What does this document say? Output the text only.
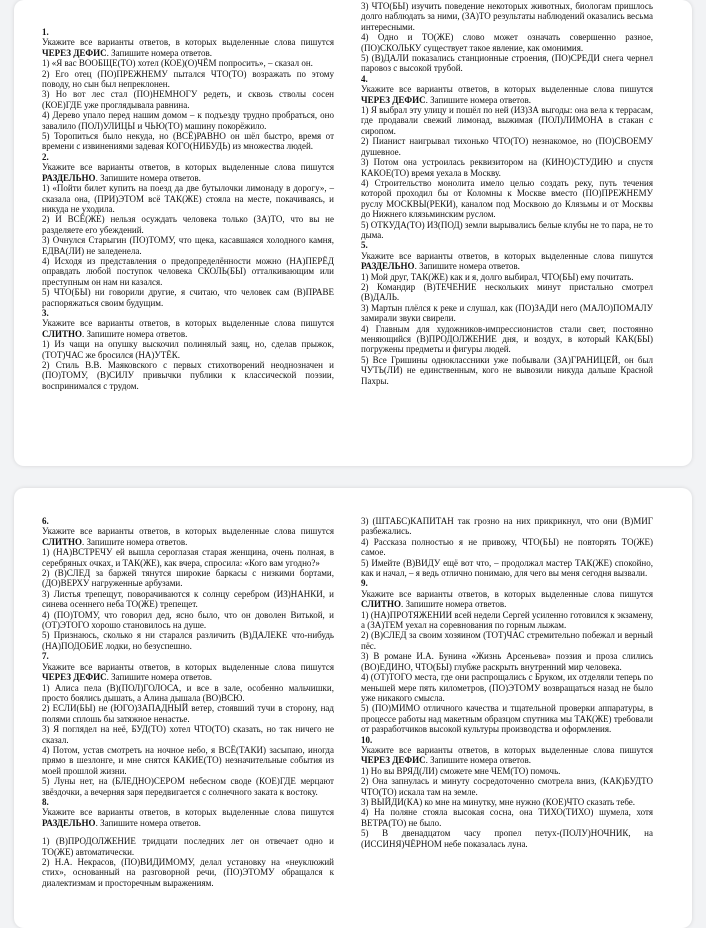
1.

Укажите все варианты ответов, в которых выделенные слова пишутся ЧЕРЕЗ ДЕФИС. Запишите номера ответов.

1) «Я вас ВООБЩЕ(ТО) хотел (КОЕ)(О)ЧЁМ попросить», – сказал он.

2) Его отец (ПО)ПРЕЖНЕМУ пытался ЧТО(ТО) возражать по этому поводу, но сын был непреклонен.

3) Но вот лес стал (ПО)НЕМНОГУ редеть, и сквозь стволы сосен (КОЕ)ГДЕ уже проглядывала равнина.

4) Дерево упало перед нашим домом – к подъезду трудно пробраться, оно завалило (ПОЛ)УЛИЦЫ и ЧЬЮ(ТО) машину покорёжило.

5) Торопиться было некуда, но (ВСЁ)РАВНО он шёл быстро, время от времени с извинениями задевая КОГО(НИБУДЬ) из множества людей.

2.

Укажите все варианты ответов, в которых выделенные слова пишутся РАЗДЕЛЬНО. Запишите номера ответов.

1) «Пойти билет купить на поезд да две бутылочки лимонаду в дорогу», – сказала она, (ПРИ)ЭТОМ всё ТАК(ЖЕ) стояла на месте, покачиваясь, и никуда не уходила.

2) И ВСЁ(ЖЕ) нельзя осуждать человека только (ЗА)ТО, что вы не разделяете его убеждений.

3) Очнулся Старыгин (ПО)ТОМУ, что щека, касавшаяся холодного камня, ЕДВА(ЛИ) не заледенела.

4) Исходя из представления о предопределённости можно (НА)ПЕРЁД оправдать любой поступок человека СКОЛЬ(БЫ) отталкивающим или преступным он нам ни казался.

5) ЧТО(БЫ) ни говорили другие, я считаю, что человек сам (В)ПРАВЕ распоряжаться своим будущим.

3.

Укажите все варианты ответов, в которых выделенные слова пишутся СЛИТНО. Запишите номера ответов.

1) Из чащи на опушку выскочил полинялый заяц, но, сделав прыжок, (ТОТ)ЧАС же бросился (НА)УТЁК.

2) Стиль В.В. Маяковского с первых стихотворений неоднозначен и (ПО)ТОМУ, (В)СИЛУ привычки публики к классической поэзии, воспринимался с трудом.

3) ЧТО(БЫ) изучить поведение некоторых животных, биологам пришлось долго наблюдать за ними, (ЗА)ТО результаты наблюдений оказались весьма интересными.

4) Одно и ТО(ЖЕ) слово может означать совершенно разное, (ПО)СКОЛЬКУ существует такое явление, как омонимия.

5) (В)ДАЛИ показались станционные строения, (ПО)СРЕДИ снега чернел паровоз с высокой трубой.

4.

Укажите все варианты ответов, в которых выделенные слова пишутся ЧЕРЕЗ ДЕФИС. Запишите номера ответов.

1) Я выбрал эту улицу и пошёл по ней (ИЗ)ЗА выгоды: она вела к террасам, где продавали свежий лимонад, выжимая (ПОЛ)ЛИМОНА в стакан с сиропом.

2) Пианист наигрывал тихонько ЧТО(ТО) незнакомое, но (ПО)СВОЕМУ душевное.

3) Потом она устроилась реквизитором на (КИНО)СТУДИЮ и спустя КАКОЕ(ТО) время уехала в Москву.

4) Строительство монолита имело целью создать реку, путь течения которой проходил бы от Коломны к Москве вместо (ПО)ПРЕЖНЕМУ руслу МОСКВЫ(РЕКИ), каналом под Москвою до Клязьмы и от Москвы до Нижнего клязьминским руслом.

5) ОТКУДА(ТО) ИЗ(ПОД) земли вырывались белые клубы не то пара, не то дыма.

5.

Укажите все варианты ответов, в которых выделенные слова пишутся РАЗДЕЛЬНО. Запишите номера ответов.

1) Мой друг, ТАК(ЖЕ) как и я, долго выбирал, ЧТО(БЫ) ему почитать.

2) Командир (В)ТЕЧЕНИЕ нескольких минут пристально смотрел (В)ДАЛЬ.

3) Мартын плёлся к реке и слушал, как (ПО)ЗАДИ него (МАЛО)ПОМАЛУ замирали звуки свирели.

4) Главным для художников-импрессионистов стали свет, постоянно меняющийся (В)ПРОДОЛЖЕНИЕ дня, и воздух, в который КАК(БЫ) погружены предметы и фигуры людей.

5) Все Гришины одноклассники уже побывали (ЗА)ГРАНИЦЕЙ, он был ЧУТЬ(ЛИ) не единственным, кого не вывозили никуда дальше Красной Пахры.

6.

Укажите все варианты ответов, в которых выделенные слова пишутся СЛИТНО. Запишите номера ответов.

1) (НА)ВСТРЕЧУ ей вышла сероглазая старая женщина, очень полная, в серебряных очках, и ТАК(ЖЕ), как вчера, спросила: «Кого вам угодно?»

2) (В)СЛЕД за баржей тянутся широкие баркасы с низкими бортами, (ДО)ВЕРХУ нагруженные арбузами.

3) Листья трепещут, поворачиваются к солнцу серебром (ИЗ)НАНКИ, и синева осеннего неба ТО(ЖЕ) трепещет.

4) (ПО)ТОМУ, что говорил дед, ясно было, что он доволен Витькой, и (ОТ)ЭТОГО хорошо становилось на душе.

5) Признаюсь, сколько я ни старался различить (В)ДАЛЕКЕ что-нибудь (НА)ПОДОБИЕ лодки, но безуспешно.

7.

Укажите все варианты ответов, в которых выделенные слова пишутся ЧЕРЕЗ ДЕФИС. Запишите номера ответов.

1) Алиса пела (В)(ПОЛ)ГОЛОСА, и все в зале, особенно мальчишки, просто боялись дышать, а Алина дышала (ВО)ВСЮ.

2) ЕСЛИ(БЫ) не (ЮГО)ЗАПАДНЫЙ ветер, стоявший тучи в сторону, над полями сплошь бы затяжное ненастье.

3) Я поглядел на неё, БУД(ТО) хотел ЧТО(ТО) сказать, но так ничего не сказал.

4) Потом, устав смотреть на ночное небо, я ВСЁ(ТАКИ) засыпаю, иногда прямо в шезлонге, и мне снятся КАКИЕ(ТО) незначительные события из моей прошлой жизни.

5) Луны нет, на (БЛЕДНО)СЕРОМ небесном своде (КОЕ)ГДЕ мерцают звёздочки, а вечерняя заря передвигается с солнечного заката к востоку.

8.

Укажите все варианты ответов, в которых выделенные слова пишутся РАЗДЕЛЬНО. Запишите номера ответов.

1) (В)ПРОДОЛЖЕНИЕ тридцати последних лет он отвечает одно и ТО(ЖЕ) автоматически.

2) Н.А. Некрасов, (ПО)ВИДИМОМУ, делал установку на «неуклюжий стих», основанный на разговорной речи, (ПО)ЭТОМУ обращался к диалектизмам и просторечным выражениям.

3) (ШТАБС)КАПИТАН так грозно на них прикрикнул, что они (В)МИГ разбежались.

4) Рассказа полностью я не привожу, ЧТО(БЫ) не повторять ТО(ЖЕ) самое.

5) Имейте (В)ВИДУ ещё вот что, – продолжал мастер ТАК(ЖЕ) спокойно, как и начал, – я ведь отлично понимаю, для чего вы меня сегодня вызвали.

9.

Укажите все варианты ответов, в которых выделенные слова пишутся СЛИТНО. Запишите номера ответов.

1) (НА)ПРОТЯЖЕНИИ всей недели Сергей усиленно готовился к экзамену, а (ЗА)ТЕМ уехал на соревнования по горным лыжам.

2) (В)СЛЕД за своим хозяином (ТОТ)ЧАС стремительно побежал и верный пёс.

3) В романе И.А. Бунина «Жизнь Арсеньева» поэзия и проза слились (ВО)ЕДИНО, ЧТО(БЫ) глубже раскрыть внутренний мир человека.

4) (ОТ)ТОГО места, где они распрощались с Бруком, их отделяли теперь по меньшей мере пять километров, (ПО)ЭТОМУ возвращаться назад не было уже никакого смысла.

5) (ПО)МИМО отличного качества и тщательной проверки аппаратуры, в процессе работы над макетным образцом спутника мы ТАК(ЖЕ) требовали от разработчиков высокой культуры производства и оформления.

10.

Укажите все варианты ответов, в которых выделенные слова пишутся ЧЕРЕЗ ДЕФИС. Запишите номера ответов.

1) Но вы ВРЯД(ЛИ) сможете мне ЧЕМ(ТО) помочь.

2) Она запнулась и минуту сосредоточенно смотрела вниз, (КАК)БУДТО ЧТО(ТО) искала там на земле.

3) ВЫЙДИ(КА) ко мне на минутку, мне нужно (КОЕ)ЧТО сказать тебе.

4) На поляне стояла высокая сосна, она ТИХО(ТИХО) шумела, хотя ВЕТРА(ТО) не было.

5) В двенадцатом часу пропел петух-(ПОЛУ)НОЧНИК, на (ИССИНЯ)ЧЁРНОМ небе показалась луна.
